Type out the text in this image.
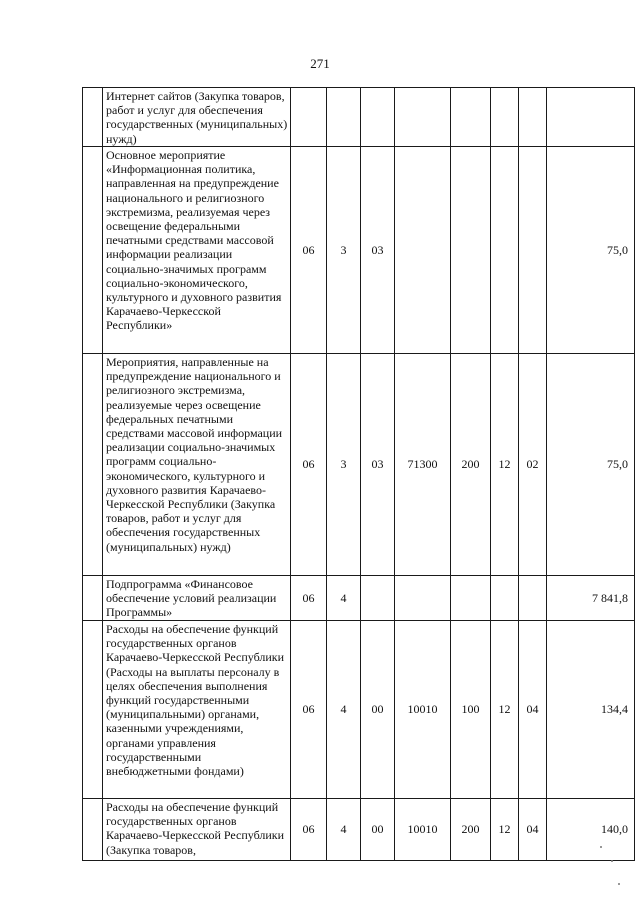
271
	Интернет сайтов (Закупка товаров, работ и услуг для обеспечения государственных (муниципальных) нужд)								
	Основное мероприятие «Информационная политика, направленная на предупреждение национального и религиозного экстремизма, реализуемая через освещение федеральными печатными средствами массовой информации реализации социально-значимых программ социально-экономического, культурного и духовного развития Карачаево-Черкесской Республики»	06	3	03					75,0
	Мероприятия, направленные на предупреждение национального и религиозного экстремизма, реализуемые через освещение федеральных печатными средствами массовой информации реализации социально-значимых программ социально-экономического, культурного и духовного развития Карачаево-Черкесской Республики (Закупка товаров, работ и услуг для обеспечения государственных (муниципальных) нужд)	06	3	03	71300	200	12	02	75,0
	Подпрограмма «Финансовое обеспечение условий реализации Программы»	06	4						7 841,8
	Расходы на обеспечение функций государственных органов Карачаево-Черкесской Республики (Расходы на выплаты персоналу в целях обеспечения выполнения функций государственными (муниципальными) органами, казенными учреждениями, органами управления государственными внебюджетными фондами)	06	4	00	10010	100	12	04	134,4
	Расходы на обеспечение функций государственных органов Карачаево-Черкесской Республики (Закупка товаров,	06	4	00	10010	200	12	04	140,0
